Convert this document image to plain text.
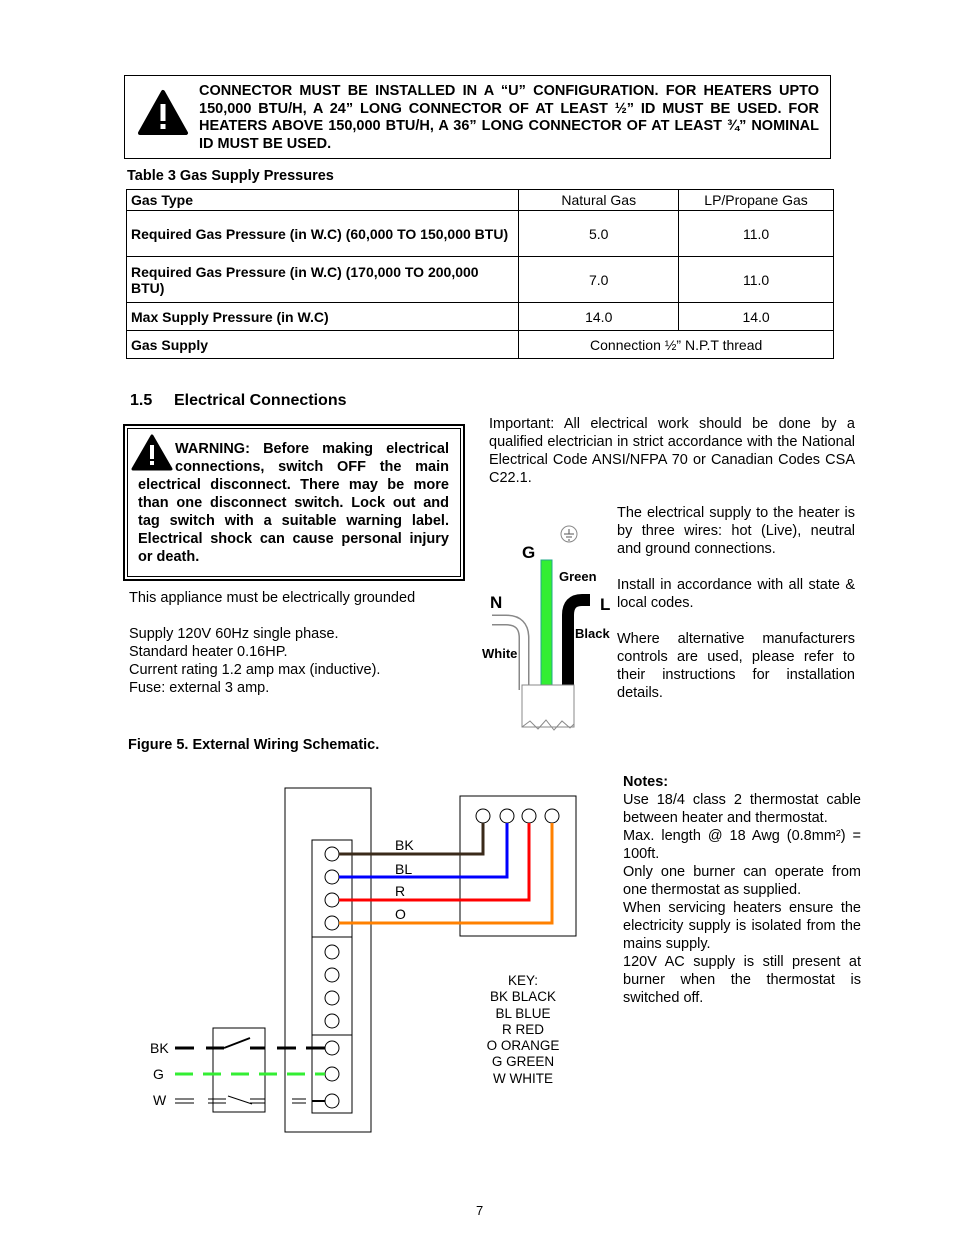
CONNECTOR MUST BE INSTALLED IN A “U” CONFIGURATION. FOR HEATERS UPTO 150,000 BTU/H, A 24” LONG CONNECTOR OF AT LEAST ½” ID MUST BE USED. FOR HEATERS ABOVE 150,000 BTU/H, A 36” LONG CONNECTOR OF AT LEAST ¾” NOMINAL ID MUST BE USED.
Table 3 Gas Supply Pressures
Gas Type	Natural Gas	LP/Propane Gas
Required Gas Pressure (in W.C) (60,000 TO 150,000 BTU)	5.0	11.0
Required Gas Pressure (in W.C) (170,000 TO 200,000 BTU)	7.0	11.0
Max Supply Pressure (in W.C)	14.0	14.0
Gas Supply	Connection ½” N.P.T thread	
1.5 Electrical Connections
WARNING: Before making electrical connections, switch OFF the main electrical disconnect. There may be more than one disconnect switch. Lock out and tag switch with a suitable warning label. Electrical shock can cause personal injury or death.
Important: All electrical work should be done by a qualified electrician in strict accordance with the National Electrical Code ANSI/NFPA 70 or Canadian Codes CSA C22.1.
This appliance must be electrically grounded
Supply 120V 60Hz single phase.
Standard heater 0.16HP.
Current rating 1.2 amp max (inductive).
Fuse: external 3 amp.
G
N	L
Green
Black
White
The electrical supply to the heater is by three wires: hot (Live), neutral and ground connections.
Install in accordance with all state & local codes.
Where alternative manufacturers controls are used, please refer to their instructions for installation details.
Figure 5. External Wiring Schematic.
BK
BL
R
O
BK
G
W
KEY:
BK BLACK
BL BLUE
R RED
O ORANGE
G GREEN
W WHITE
Notes:
Use 18/4 class 2 thermostat cable between heater and thermostat.
Max. length @ 18 Awg (0.8mm²) = 100ft.
Only one burner can operate from one thermostat as supplied.
When servicing heaters ensure the electricity supply is isolated from the mains supply.
120V AC supply is still present at burner when the thermostat is switched off.
7
